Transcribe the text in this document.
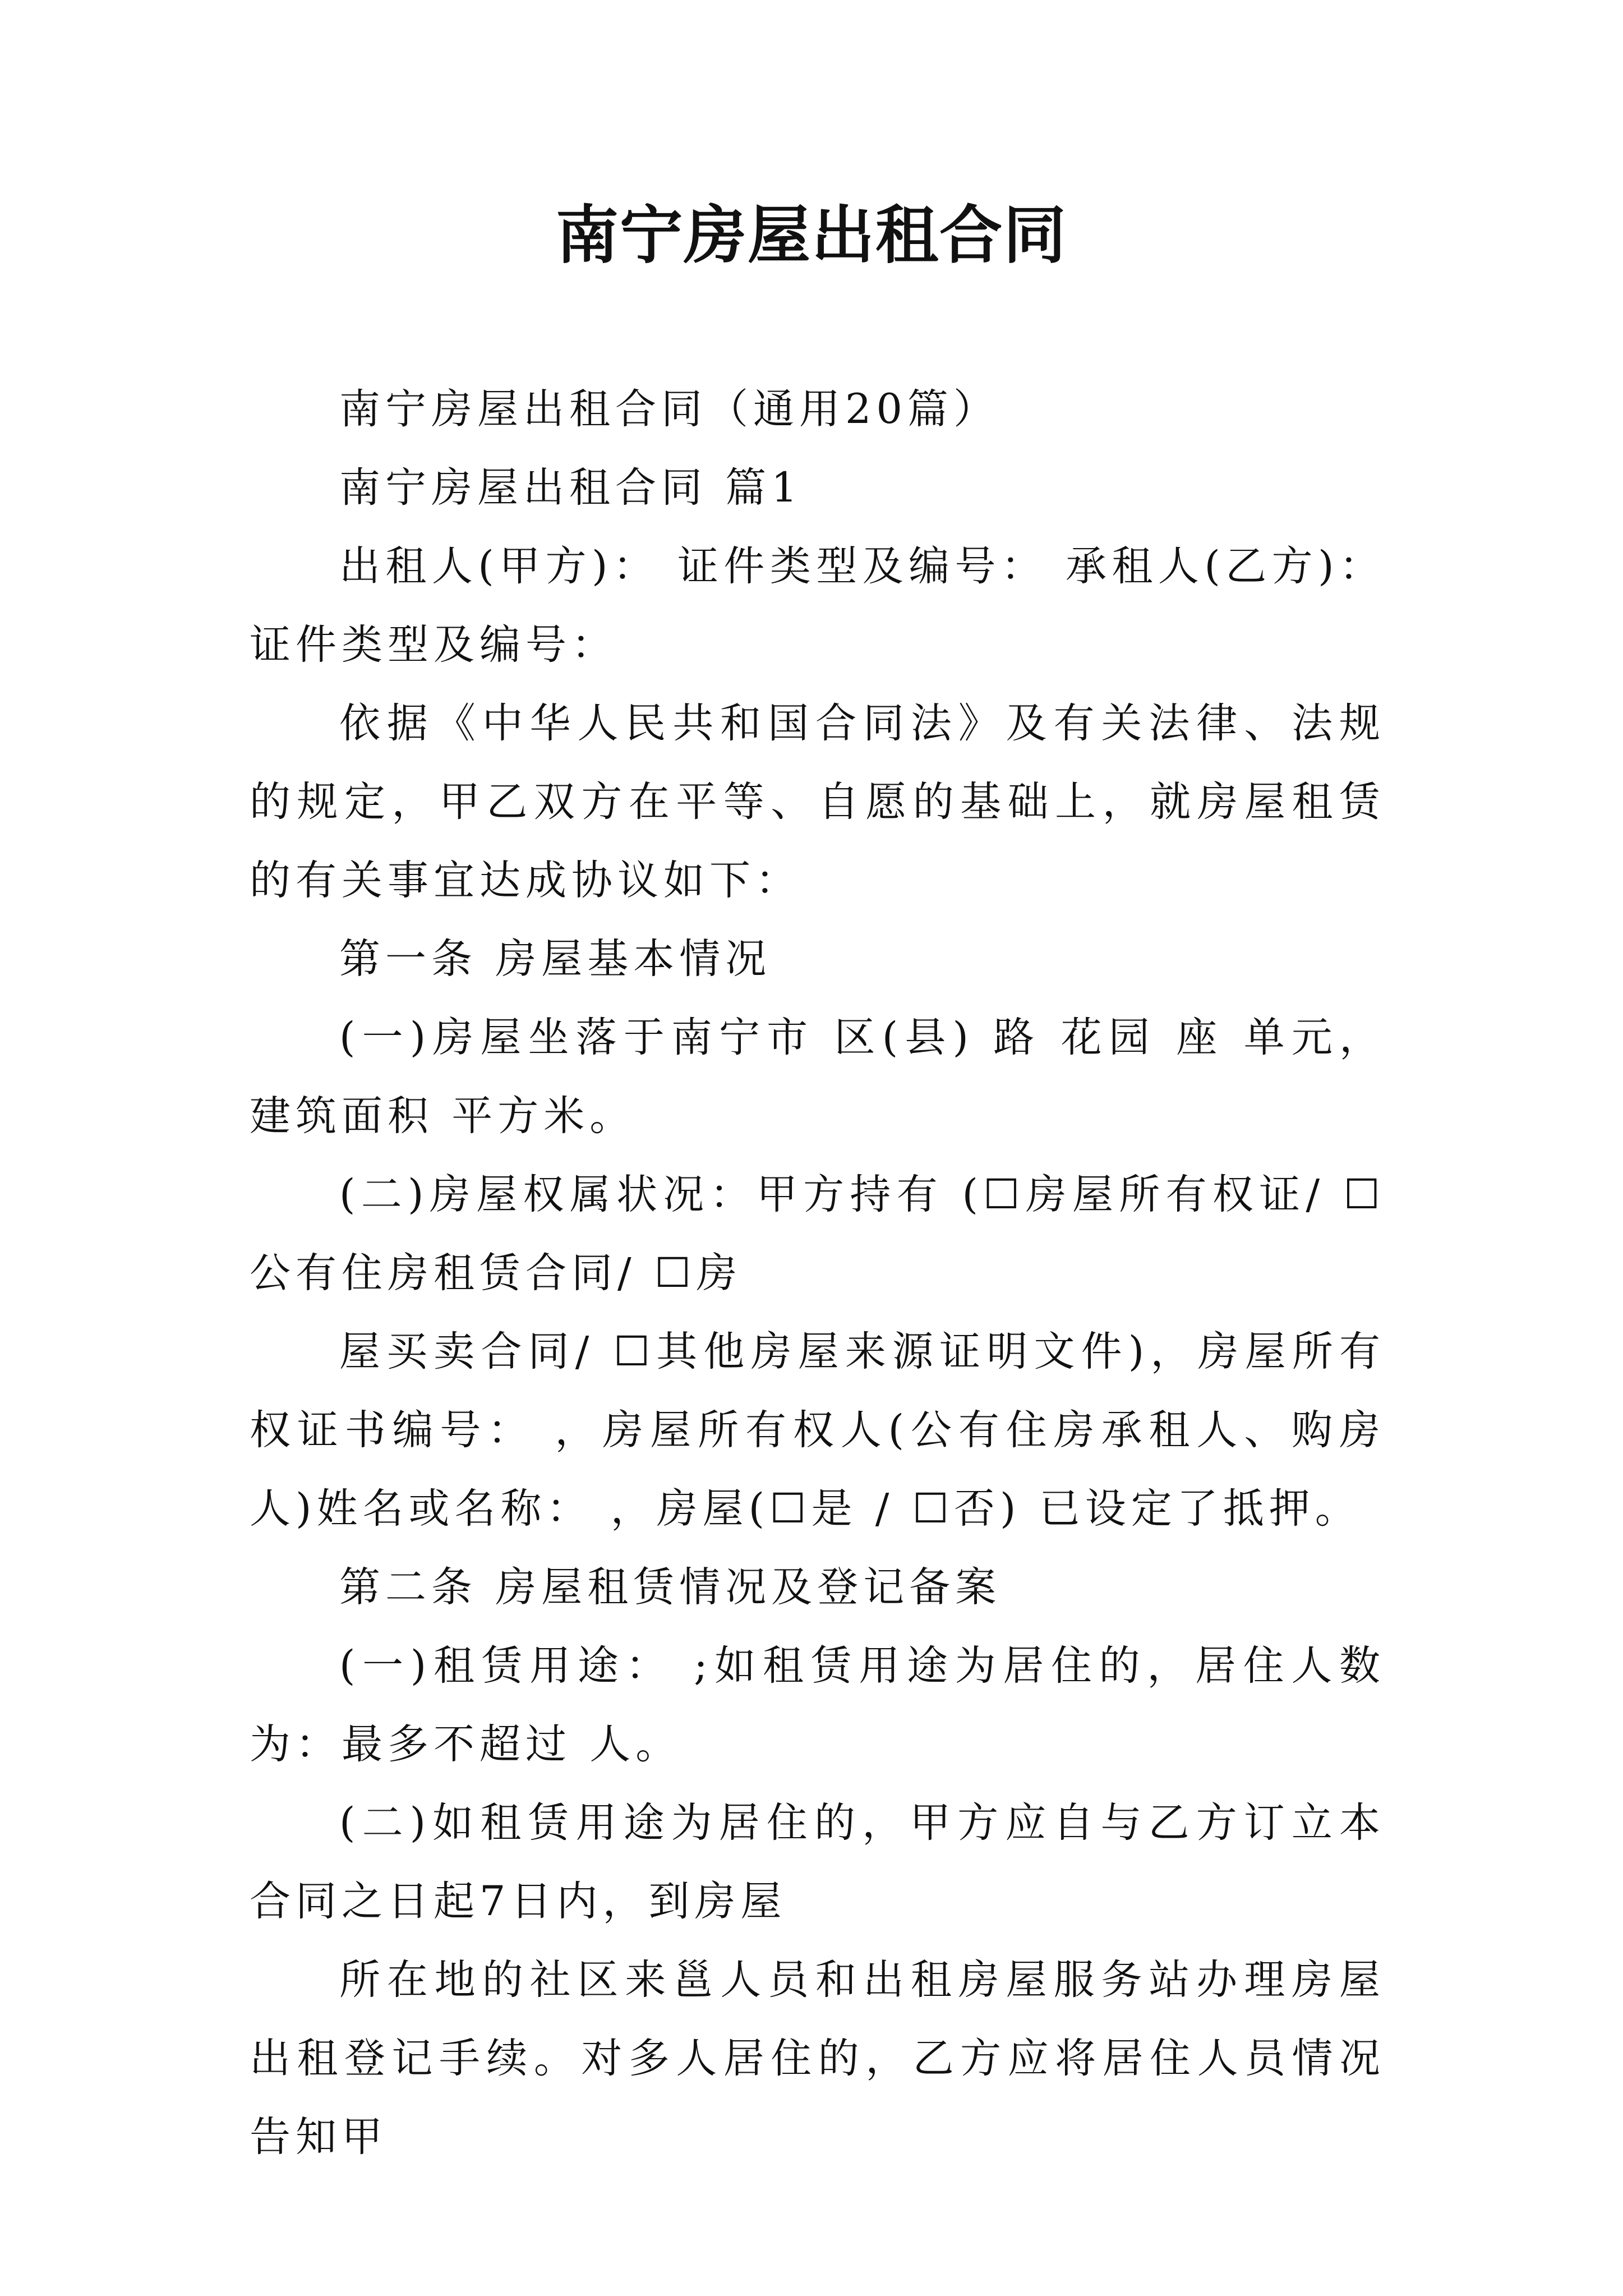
南宁房屋出租合同

南宁房屋出租合同（通用20篇）

南宁房屋出租合同 篇1

出租人(甲方)： 证件类型及编号： 承租人(乙方)： 证件类型及编号：

依据《中华人民共和国合同法》及有关法律、法规的规定，甲乙双方在平等、自愿的基础上，就房屋租赁的有关事宜达成协议如下：

第一条 房屋基本情况

(一)房屋坐落于南宁市 区(县) 路 花园 座 单元，建筑面积 平方米。

(二)房屋权属状况：甲方持有 (☐房屋所有权证/ ☐公有住房租赁合同/ ☐房

屋买卖合同/ ☐其他房屋来源证明文件)，房屋所有权证书编号： ，房屋所有权人(公有住房承租人、购房人)姓名或名称： ，房屋(☐是 / ☐否) 已设定了抵押。

第二条 房屋租赁情况及登记备案

(一)租赁用途： ;如租赁用途为居住的，居住人数为：最多不超过 人。

(二)如租赁用途为居住的，甲方应自与乙方订立本合同之日起7日内，到房屋

所在地的社区来邕人员和出租房屋服务站办理房屋出租登记手续。对多人居住的，乙方应将居住人员情况告知甲
